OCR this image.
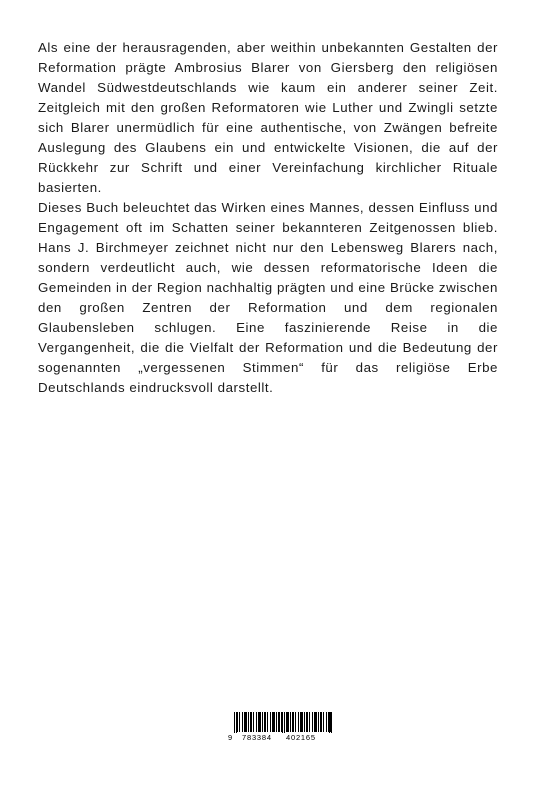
Als eine der herausragenden, aber weithin unbekannten Gestalten der Reformation prägte Ambrosius Blarer von Giersberg den religiösen Wandel Südwestdeutschlands wie kaum ein anderer seiner Zeit. Zeitgleich mit den großen Reformatoren wie Luther und Zwingli setzte sich Blarer unermüdlich für eine authentische, von Zwängen befreite Auslegung des Glaubens ein und entwickelte Visionen, die auf der Rückkehr zur Schrift und einer Vereinfachung kirchlicher Rituale basierten.

Dieses Buch beleuchtet das Wirken eines Mannes, dessen Einfluss und Engagement oft im Schatten seiner bekannteren Zeitgenossen blieb. Hans J. Birchmeyer zeichnet nicht nur den Lebensweg Blarers nach, sondern verdeutlicht auch, wie dessen reformatorische Ideen die Gemeinden in der Region nachhaltig prägten und eine Brücke zwischen den großen Zentren der Reformation und dem regionalen Glaubensleben schlugen. Eine faszinierende Reise in die Vergangenheit, die die Vielfalt der Reformation und die Bedeutung der sogenannten „vergessenen Stimmen“ für das religiöse Erbe Deutschlands eindrucksvoll darstellt.

9 783384 402165
